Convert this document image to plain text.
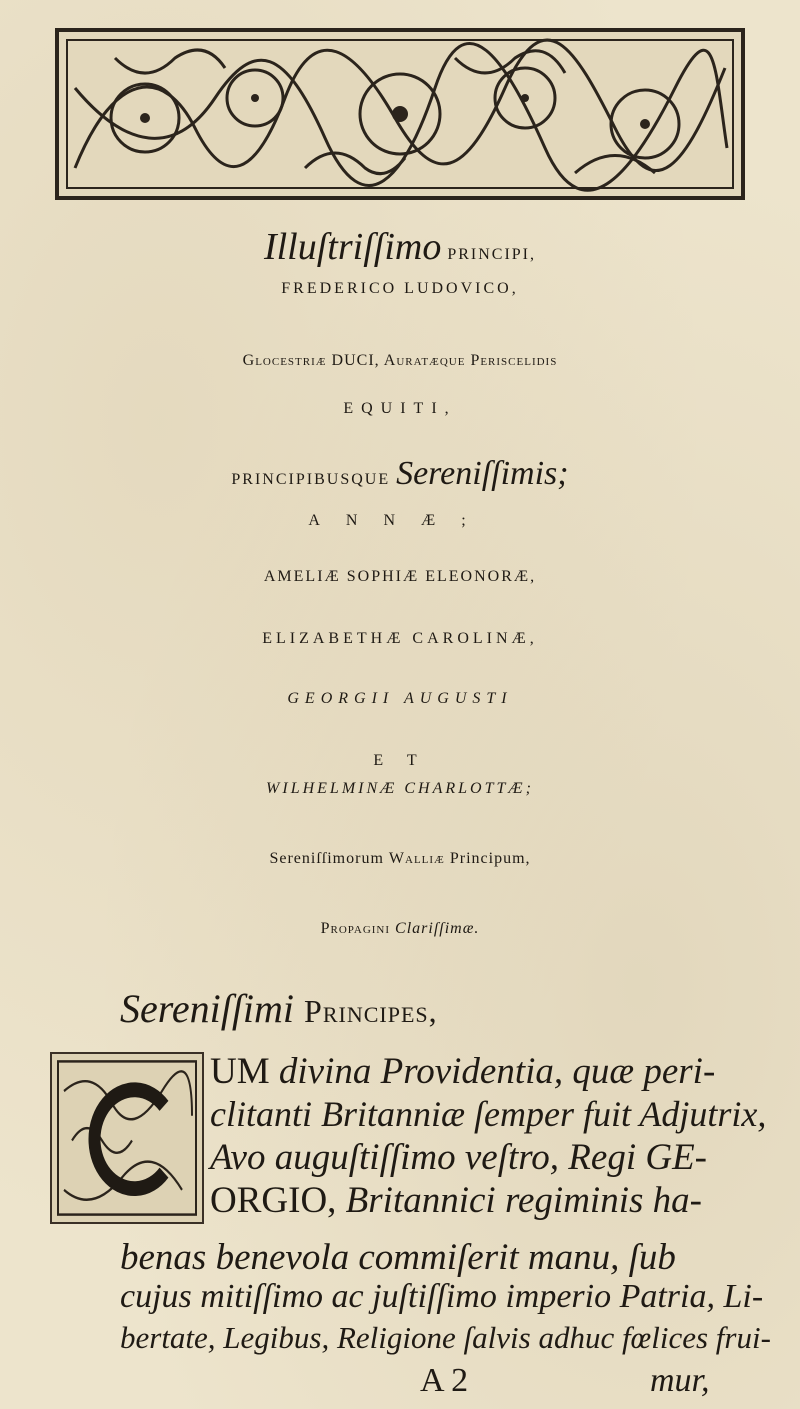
Illuſtriſſimo PRINCIPI,
FREDERICO LUDOVICO,
Glocestriæ DUCI, Auratæque Periscelidis
EQUITI,
PRINCIPIBUSQUE Sereniſſimis;
ANNÆ;
AMELIÆ SOPHIÆ ELEONORÆ,
ELIZABETHÆ CAROLINÆ,
GEORGII AUGUSTI
E T
WILHELMINÆ CHARLOTTÆ;
Sereniſſimorum Walliæ Principum,
Propagini Clariſſimæ.
Sereniſſimi Principes,
UM divina Providentia, quæ peri-
clitanti Britanniæ ſemper fuit Adjutrix,
Avo auguſtiſſimo veſtro, Regi GE-
ORGIO, Britannici regiminis ha-
benas benevola commiſerit manu, ſub
cujus mitiſſimo ac juſtiſſimo imperio Patria, Li-
bertate, Legibus, Religione ſalvis adhuc fœlices frui-
A 2	mur,
